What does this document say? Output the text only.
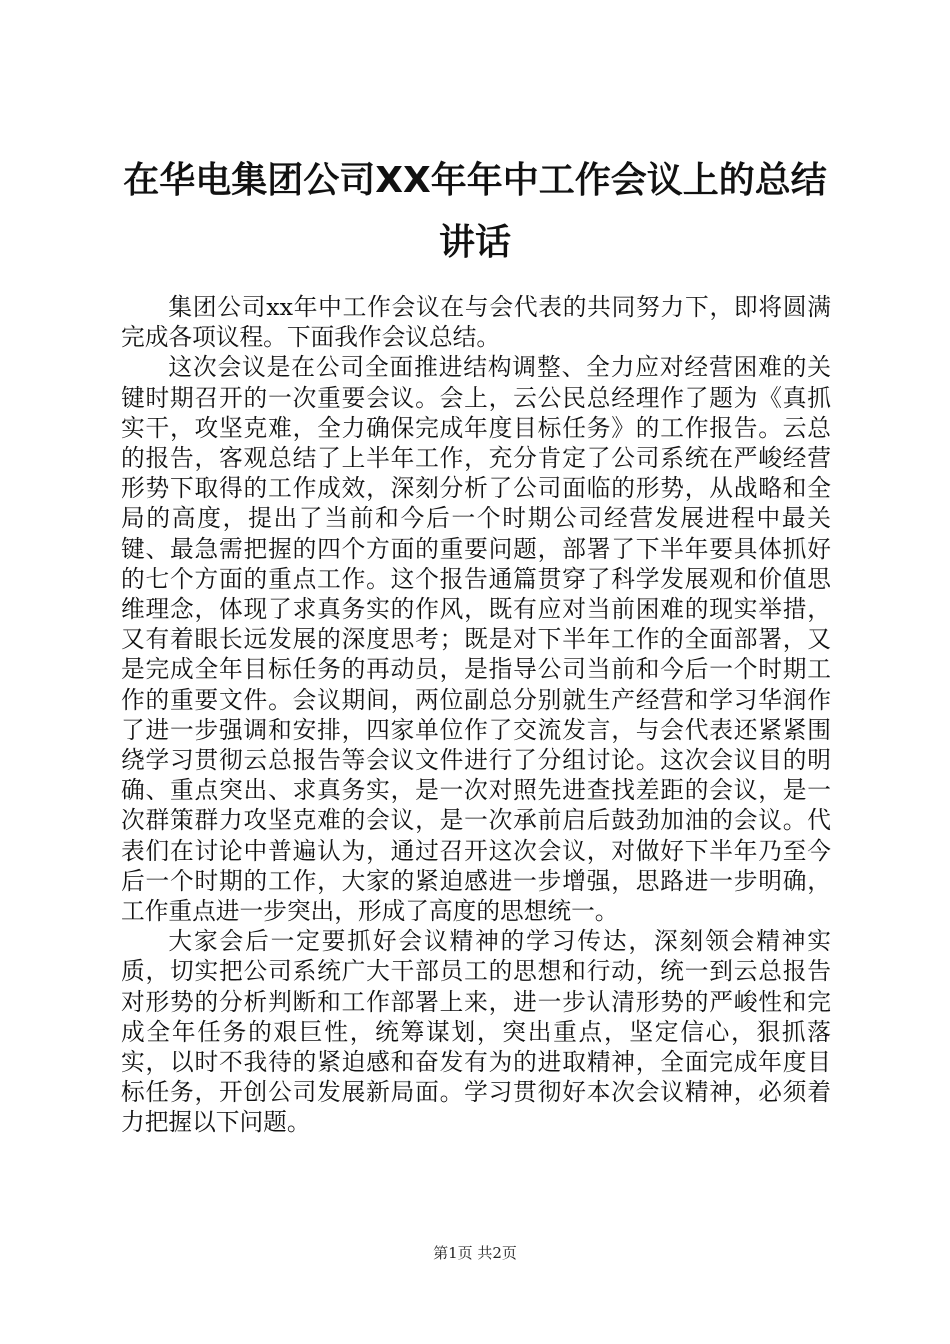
在华电集团公司XX年年中工作会议上的总结讲话

集团公司xx年中工作会议在与会代表的共同努力下，即将圆满完成各项议程。下面我作会议总结。

这次会议是在公司全面推进结构调整、全力应对经营困难的关键时期召开的一次重要会议。会上，云公民总经理作了题为《真抓实干，攻坚克难，全力确保完成年度目标任务》的工作报告。云总的报告，客观总结了上半年工作，充分肯定了公司系统在严峻经营形势下取得的工作成效，深刻分析了公司面临的形势，从战略和全局的高度，提出了当前和今后一个时期公司经营发展进程中最关键、最急需把握的四个方面的重要问题，部署了下半年要具体抓好的七个方面的重点工作。这个报告通篇贯穿了科学发展观和价值思维理念，体现了求真务实的作风，既有应对当前困难的现实举措，又有着眼长远发展的深度思考；既是对下半年工作的全面部署，又是完成全年目标任务的再动员，是指导公司当前和今后一个时期工作的重要文件。会议期间，两位副总分别就生产经营和学习华润作了进一步强调和安排，四家单位作了交流发言，与会代表还紧紧围绕学习贯彻云总报告等会议文件进行了分组讨论。这次会议目的明确、重点突出、求真务实，是一次对照先进查找差距的会议，是一次群策群力攻坚克难的会议，是一次承前启后鼓劲加油的会议。代表们在讨论中普遍认为，通过召开这次会议，对做好下半年乃至今后一个时期的工作，大家的紧迫感进一步增强，思路进一步明确，工作重点进一步突出，形成了高度的思想统一。

大家会后一定要抓好会议精神的学习传达，深刻领会精神实质，切实把公司系统广大干部员工的思想和行动，统一到云总报告对形势的分析判断和工作部署上来，进一步认清形势的严峻性和完成全年任务的艰巨性，统筹谋划，突出重点，坚定信心，狠抓落实，以时不我待的紧迫感和奋发有为的进取精神，全面完成年度目标任务，开创公司发展新局面。学习贯彻好本次会议精神，必须着力把握以下问题。

第1页 共2页
